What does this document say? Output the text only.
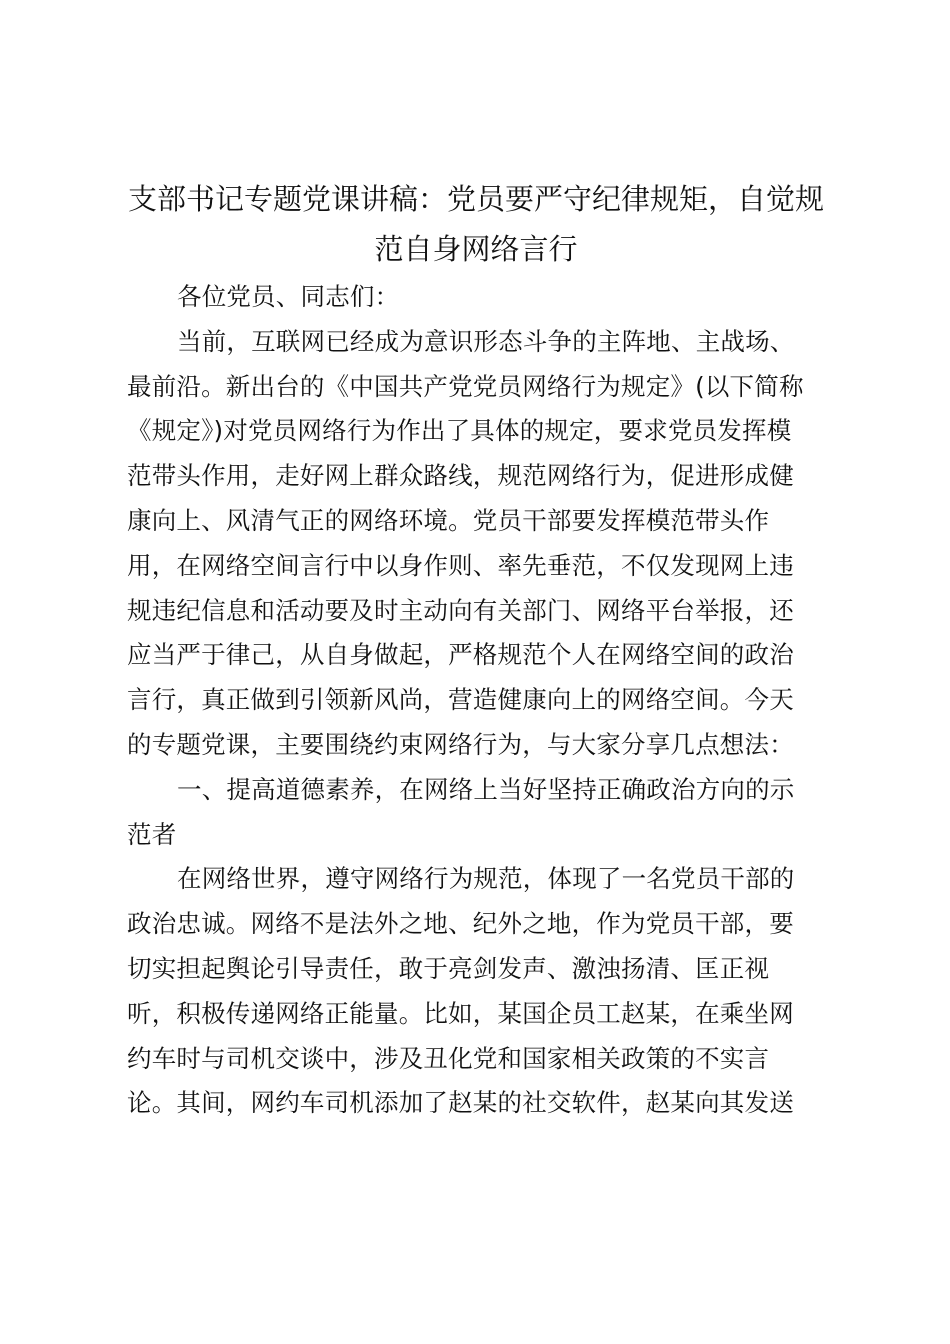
支部书记专题党课讲稿：党员要严守纪律规矩，自觉规
范自身网络言行
各位党员、同志们：
当前，互联网已经成为意识形态斗争的主阵地、主战场、
最前沿。新出台的《中国共产党党员网络行为规定》(以下简称
《规定》)对党员网络行为作出了具体的规定，要求党员发挥模
范带头作用，走好网上群众路线，规范网络行为，促进形成健
康向上、风清气正的网络环境。党员干部要发挥模范带头作
用，在网络空间言行中以身作则、率先垂范，不仅发现网上违
规违纪信息和活动要及时主动向有关部门、网络平台举报，还
应当严于律己，从自身做起，严格规范个人在网络空间的政治
言行，真正做到引领新风尚，营造健康向上的网络空间。今天
的专题党课，主要围绕约束网络行为，与大家分享几点想法：
一、提高道德素养，在网络上当好坚持正确政治方向的示
范者
在网络世界，遵守网络行为规范，体现了一名党员干部的
政治忠诚。网络不是法外之地、纪外之地，作为党员干部，要
切实担起舆论引导责任，敢于亮剑发声、激浊扬清、匡正视
听，积极传递网络正能量。比如，某国企员工赵某，在乘坐网
约车时与司机交谈中，涉及丑化党和国家相关政策的不实言
论。其间，网约车司机添加了赵某的社交软件，赵某向其发送
